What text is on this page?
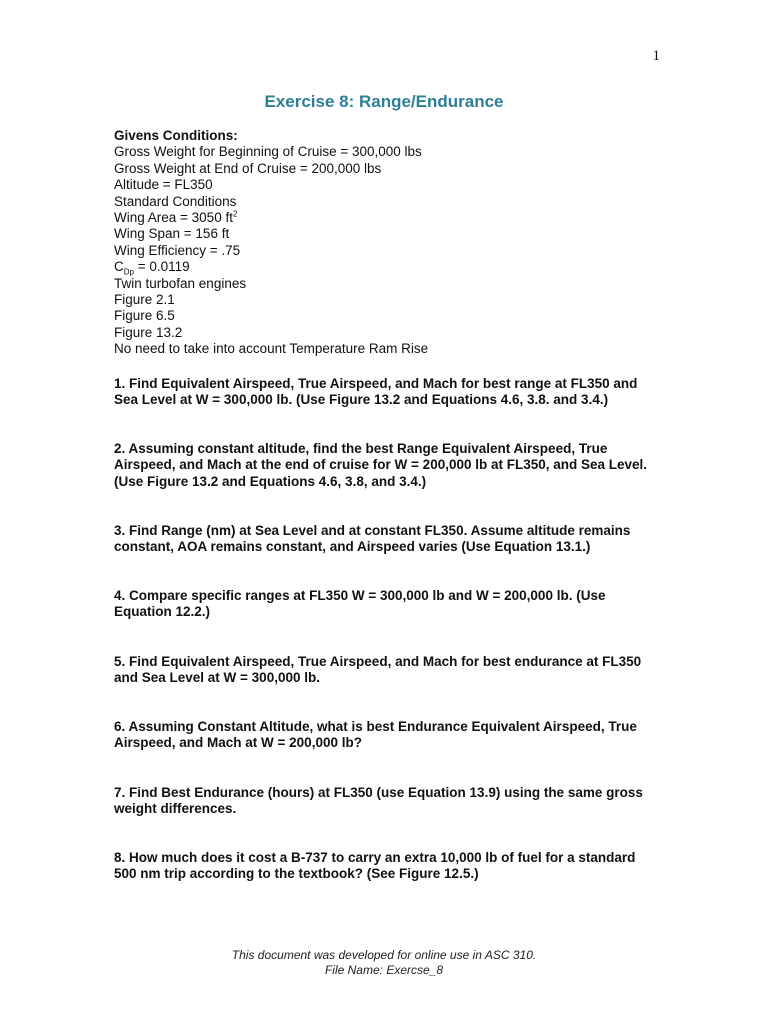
1
Exercise 8: Range/Endurance
Givens Conditions:
Gross Weight for Beginning of Cruise = 300,000 lbs
Gross Weight at End of Cruise = 200,000 lbs
Altitude = FL350
Standard Conditions
Wing Area = 3050 $ft^2$
Wing Span = 156 ft
Wing Efficiency = .75
$C_{Dp} = 0.0119$
Twin turbofan engines
Figure 2.1
Figure 6.5
Figure 13.2
No need to take into account Temperature Ram Rise
1. Find Equivalent Airspeed, True Airspeed, and Mach for best range at FL350 and Sea Level at W = 300,000 lb. (Use Figure 13.2 and Equations 4.6, 3.8. and 3.4.)
2. Assuming constant altitude, find the best Range Equivalent Airspeed, True Airspeed, and Mach at the end of cruise for W = 200,000 lb at FL350, and Sea Level. (Use Figure 13.2 and Equations 4.6, 3.8, and 3.4.)
3. Find Range (nm) at Sea Level and at constant FL350. Assume altitude remains constant, AOA remains constant, and Airspeed varies (Use Equation 13.1.)
4. Compare specific ranges at FL350 W = 300,000 lb and W = 200,000 lb. (Use Equation 12.2.)
5. Find Equivalent Airspeed, True Airspeed, and Mach for best endurance at FL350 and Sea Level at W = 300,000 lb.
6. Assuming Constant Altitude, what is best Endurance Equivalent Airspeed, True Airspeed, and Mach at W = 200,000 lb?
7. Find Best Endurance (hours) at FL350 (use Equation 13.9) using the same gross weight differences.
8. How much does it cost a B-737 to carry an extra 10,000 lb of fuel for a standard 500 nm trip according to the textbook? (See Figure 12.5.)
This document was developed for online use in ASC 310.
File Name: Exercse_8
